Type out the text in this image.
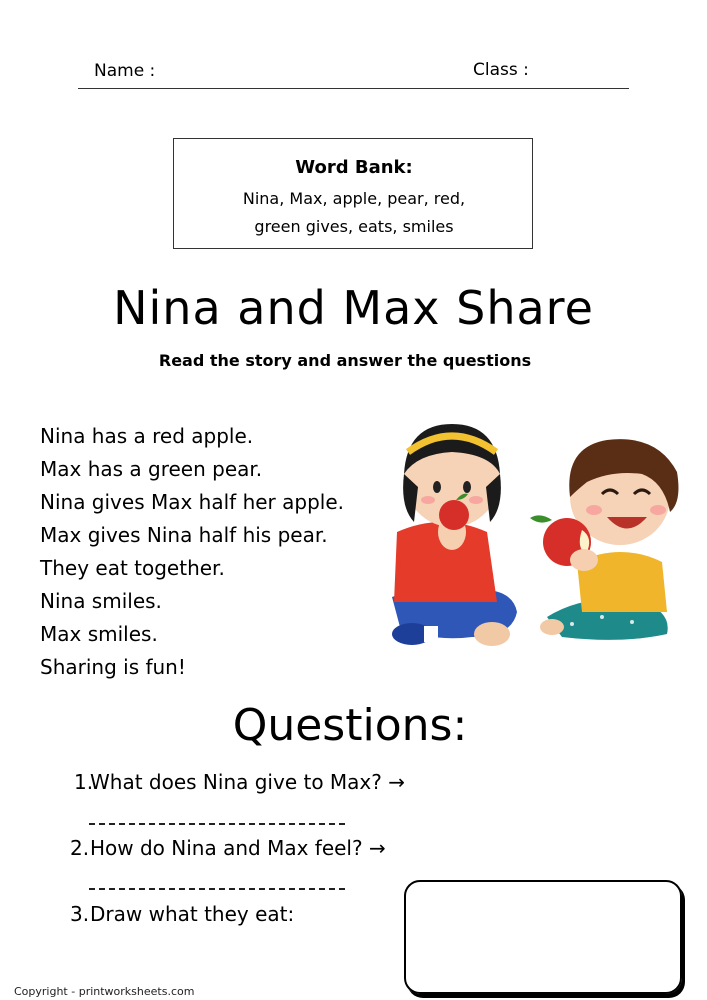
Name :	Class :
Word Bank:
Nina, Max, apple, pear, red,
green gives, eats, smiles
Nina and Max Share
Read the story and answer the questions
Nina has a red apple.
Max has a green pear.
Nina gives Max half her apple.
Max gives Nina half his pear.
They eat together.
Nina smiles.
Max smiles.
Sharing is fun!
Questions:
1.
What does Nina give to Max? →
2. How do Nina and Max feel? →
3. Draw what they eat:
Copyright - printworksheets.com
